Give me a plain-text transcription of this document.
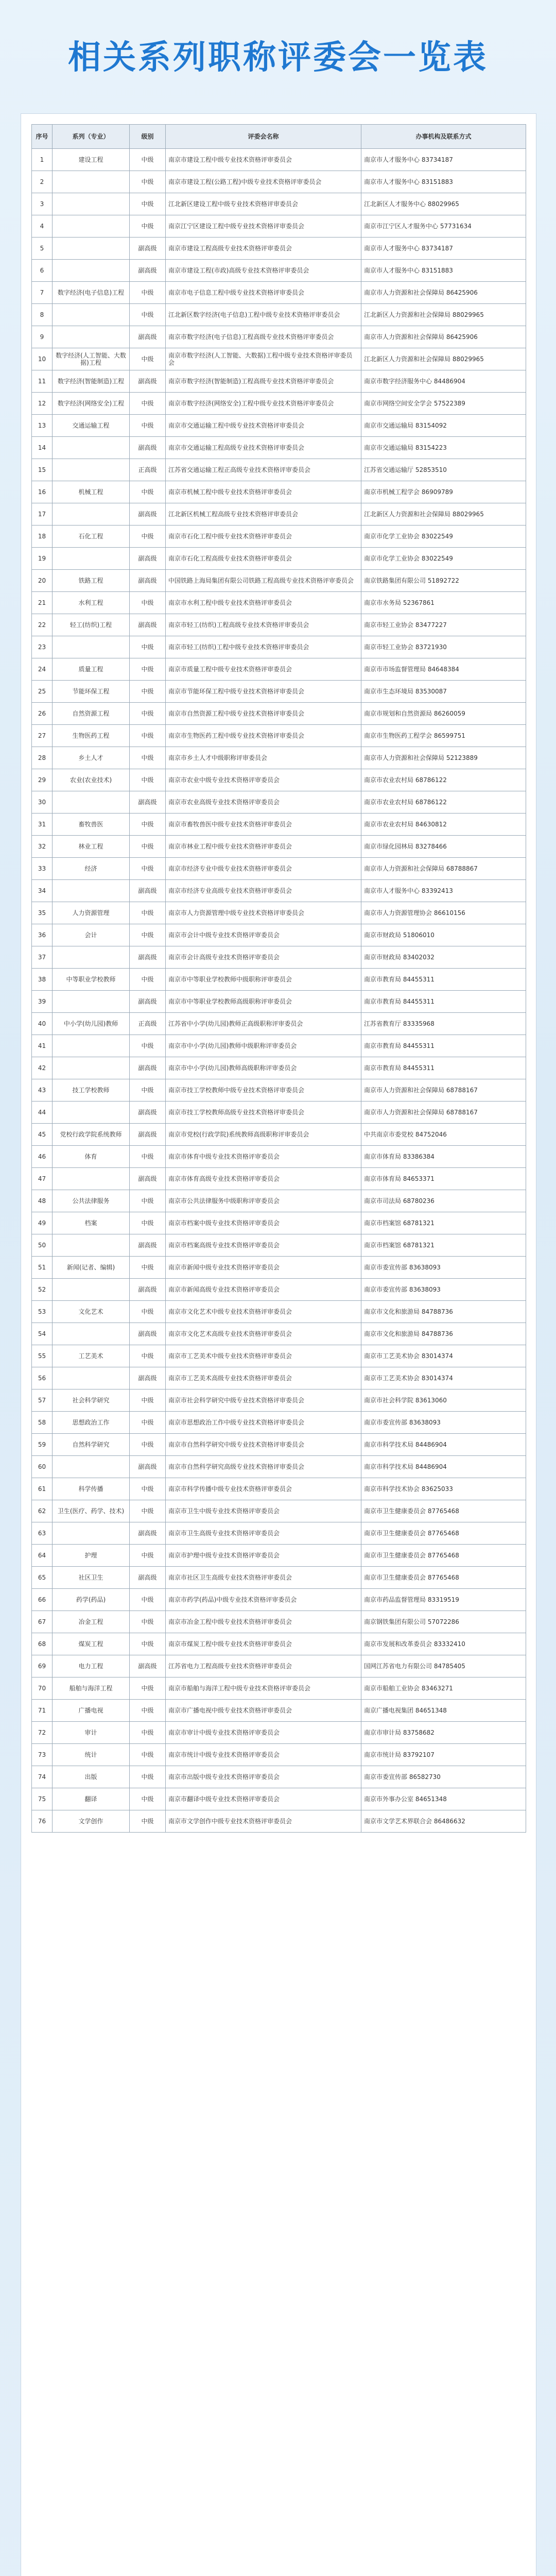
相关系列职称评委会一览表
序号	系列（专业）	级别	评委会名称	办事机构及联系方式
1	建设工程	中级	南京市建设工程中级专业技术资格评审委员会	南京市人才服务中心 83734187
2		中级	南京市建设工程(公路工程)中级专业技术资格评审委员会	南京市人才服务中心 83151883
3		中级	江北新区建设工程中级专业技术资格评审委员会	江北新区人才服务中心 88029965
4		中级	南京江宁区建设工程中级专业技术资格评审委员会	南京市江宁区人才服务中心 57731634
5		副高级	南京市建设工程高级专业技术资格评审委员会	南京市人才服务中心 83734187
6		副高级	南京市建设工程(市政)高级专业技术资格评审委员会	南京市人才服务中心 83151883
7	数字经济(电子信息)工程	中级	南京市电子信息工程中级专业技术资格评审委员会	南京市人力资源和社会保障局 86425906
8		中级	江北新区数字经济(电子信息)工程中级专业技术资格评审委员会	江北新区人力资源和社会保障局 88029965
9		副高级	南京市数字经济(电子信息)工程高级专业技术资格评审委员会	南京市人力资源和社会保障局 86425906
10	数字经济(人工智能、大数据)工程	中级	南京市数字经济(人工智能、大数据)工程中级专业技术资格评审委员会	江北新区人力资源和社会保障局 88029965
11	数字经济(智能制造)工程	副高级	南京市数字经济(智能制造)工程高级专业技术资格评审委员会	南京市数字经济服务中心 84486904
12	数字经济(网络安全)工程	中级	南京市数字经济(网络安全)工程中级专业技术资格评审委员会	南京市网络空间安全学会 57522389
13	交通运输工程	中级	南京市交通运输工程中级专业技术资格评审委员会	南京市交通运输局 83154092
14		副高级	南京市交通运输工程高级专业技术资格评审委员会	南京市交通运输局 83154223
15		正高级	江苏省交通运输工程正高级专业技术资格评审委员会	江苏省交通运输厅 52853510
16	机械工程	中级	南京市机械工程中级专业技术资格评审委员会	南京市机械工程学会 86909789
17		副高级	江北新区机械工程高级专业技术资格评审委员会	江北新区人力资源和社会保障局 88029965
18	石化工程	中级	南京市石化工程中级专业技术资格评审委员会	南京市化学工业协会 83022549
19		副高级	南京市石化工程高级专业技术资格评审委员会	南京市化学工业协会 83022549
20	铁路工程	副高级	中国铁路上海局集团有限公司铁路工程高级专业技术资格评审委员会	南京铁路集团有限公司 51892722
21	水利工程	中级	南京市水利工程中级专业技术资格评审委员会	南京市水务局 52367861
22	轻工(纺织)工程	副高级	南京市轻工(纺织)工程高级专业技术资格评审委员会	南京市轻工业协会 83477227
23		中级	南京市轻工(纺织)工程中级专业技术资格评审委员会	南京市轻工业协会 83721930
24	质量工程	中级	南京市质量工程中级专业技术资格评审委员会	南京市市场监督管理局 84648384
25	节能环保工程	中级	南京市节能环保工程中级专业技术资格评审委员会	南京市生态环境局 83530087
26	自然资源工程	中级	南京市自然资源工程中级专业技术资格评审委员会	南京市规划和自然资源局 86260059
27	生物医药工程	中级	南京市生物医药工程中级专业技术资格评审委员会	南京市生物医药工程学会 86599751
28	乡土人才	中级	南京市乡土人才中级职称评审委员会	南京市人力资源和社会保障局 52123889
29	农业(农业技术)	中级	南京市农业中级专业技术资格评审委员会	南京市农业农村局 68786122
30		副高级	南京市农业高级专业技术资格评审委员会	南京市农业农村局 68786122
31	畜牧兽医	中级	南京市畜牧兽医中级专业技术资格评审委员会	南京市农业农村局 84630812
32	林业工程	中级	南京市林业工程中级专业技术资格评审委员会	南京市绿化园林局 83278466
33	经济	中级	南京市经济专业中级专业技术资格评审委员会	南京市人力资源和社会保障局 68788867
34		副高级	南京市经济专业高级专业技术资格评审委员会	南京市人才服务中心 83392413
35	人力资源管理	中级	南京市人力资源管理中级专业技术资格评审委员会	南京市人力资源管理协会 86610156
36	会计	中级	南京市会计中级专业技术资格评审委员会	南京市财政局 51806010
37		副高级	南京市会计高级专业技术资格评审委员会	南京市财政局 83402032
38	中等职业学校教师	中级	南京市中等职业学校教师中级职称评审委员会	南京市教育局 84455311
39		副高级	南京市中等职业学校教师高级职称评审委员会	南京市教育局 84455311
40	中小学(幼儿园)教师	正高级	江苏省中小学(幼儿园)教师正高级职称评审委员会	江苏省教育厅 83335968
41		中级	南京市中小学(幼儿园)教师中级职称评审委员会	南京市教育局 84455311
42		副高级	南京市中小学(幼儿园)教师高级职称评审委员会	南京市教育局 84455311
43	技工学校教师	中级	南京市技工学校教师中级专业技术资格评审委员会	南京市人力资源和社会保障局 68788167
44		副高级	南京市技工学校教师高级专业技术资格评审委员会	南京市人力资源和社会保障局 68788167
45	党校行政学院系统教师	副高级	南京市党校(行政学院)系统教师高级职称评审委员会	中共南京市委党校 84752046
46	体育	中级	南京市体育中级专业技术资格评审委员会	南京市体育局 83386384
47		副高级	南京市体育高级专业技术资格评审委员会	南京市体育局 84653371
48	公共法律服务	中级	南京市公共法律服务中级职称评审委员会	南京市司法局 68780236
49	档案	中级	南京市档案中级专业技术资格评审委员会	南京市档案馆 68781321
50		副高级	南京市档案高级专业技术资格评审委员会	南京市档案馆 68781321
51	新闻(记者、编辑)	中级	南京市新闻中级专业技术资格评审委员会	南京市委宣传部 83638093
52		副高级	南京市新闻高级专业技术资格评审委员会	南京市委宣传部 83638093
53	文化艺术	中级	南京市文化艺术中级专业技术资格评审委员会	南京市文化和旅游局 84788736
54		副高级	南京市文化艺术高级专业技术资格评审委员会	南京市文化和旅游局 84788736
55	工艺美术	中级	南京市工艺美术中级专业技术资格评审委员会	南京市工艺美术协会 83014374
56		副高级	南京市工艺美术高级专业技术资格评审委员会	南京市工艺美术协会 83014374
57	社会科学研究	中级	南京市社会科学研究中级专业技术资格评审委员会	南京市社会科学院 83613060
58	思想政治工作	中级	南京市思想政治工作中级专业技术资格评审委员会	南京市委宣传部 83638093
59	自然科学研究	中级	南京市自然科学研究中级专业技术资格评审委员会	南京市科学技术局 84486904
60		副高级	南京市自然科学研究高级专业技术资格评审委员会	南京市科学技术局 84486904
61	科学传播	中级	南京市科学传播中级专业技术资格评审委员会	南京市科学技术协会 83625033
62	卫生(医疗、药学、技术)	中级	南京市卫生中级专业技术资格评审委员会	南京市卫生健康委员会 87765468
63		副高级	南京市卫生高级专业技术资格评审委员会	南京市卫生健康委员会 87765468
64	护理	中级	南京市护理中级专业技术资格评审委员会	南京市卫生健康委员会 87765468
65	社区卫生	副高级	南京市社区卫生高级专业技术资格评审委员会	南京市卫生健康委员会 87765468
66	药学(药品)	中级	南京市药学(药品)中级专业技术资格评审委员会	南京市药品监督管理局 83319519
67	冶金工程	中级	南京市冶金工程中级专业技术资格评审委员会	南京钢铁集团有限公司 57072286
68	煤炭工程	中级	南京市煤炭工程中级专业技术资格评审委员会	南京市发展和改革委员会 83332410
69	电力工程	副高级	江苏省电力工程高级专业技术资格评审委员会	国网江苏省电力有限公司 84785405
70	船舶与海洋工程	中级	南京市船舶与海洋工程中级专业技术资格评审委员会	南京市船舶工业协会 83463271
71	广播电视	中级	南京市广播电视中级专业技术资格评审委员会	南京广播电视集团 84651348
72	审计	中级	南京市审计中级专业技术资格评审委员会	南京市审计局 83758682
73	统计	中级	南京市统计中级专业技术资格评审委员会	南京市统计局 83792107
74	出版	中级	南京市出版中级专业技术资格评审委员会	南京市委宣传部 86582730
75	翻译	中级	南京市翻译中级专业技术资格评审委员会	南京市外事办公室 84651348
76	文学创作	中级	南京市文学创作中级专业技术资格评审委员会	南京市文学艺术界联合会 86486632
